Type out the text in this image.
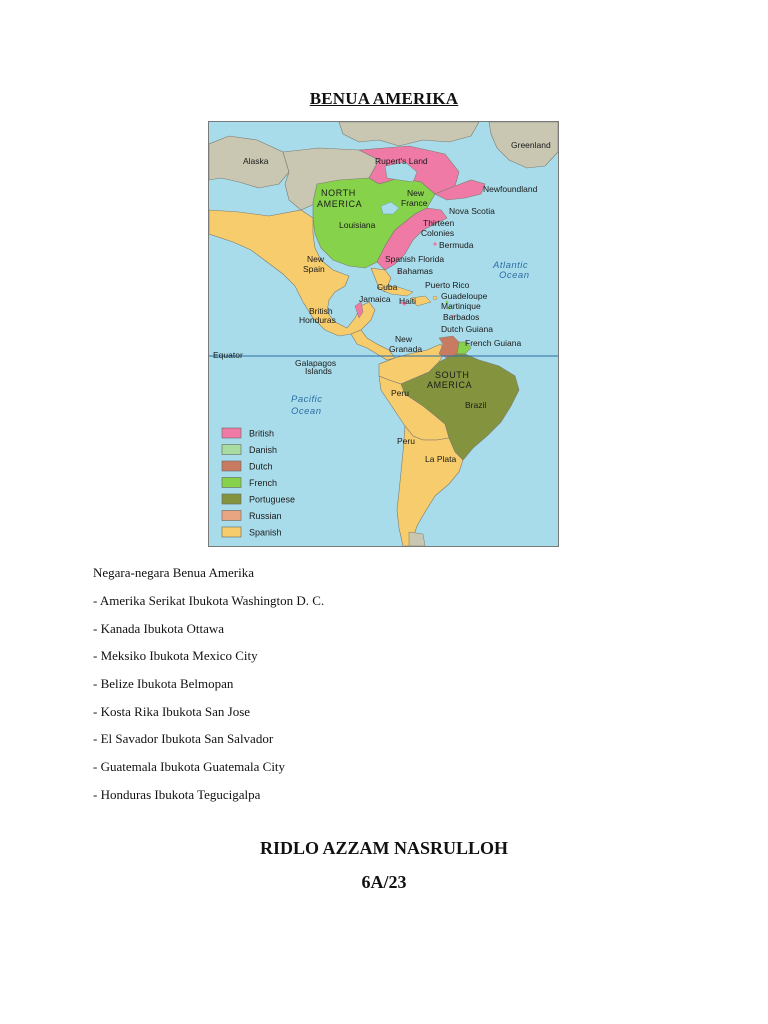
BENUA AMERIKA
Greenland
Alaska	Rupert's Land
NORTH
AMERICA
New
France
Newfoundland
Nova Scotia
Louisiana	Thirteen
Colonies
Bermuda
Spanish Florida
Atlantic
Ocean
New
Spain	Bahamas
Cuba	Puerto Rico
Guadeloupe
Martinique
Barbados
Jamaica Haiti
British
Honduras
Dutch Guiana
French Guiana
New
Granada
Equator
Galapagos
Islands	SOUTH
AMERICA
Peru
Brazil
Pacific
Ocean
Peru
La Plata
British
Danish
Dutch
French
Portuguese
Russian
Spanish
Negara-negara Benua Amerika
- Amerika Serikat Ibukota Washington D. C.
- Kanada Ibukota Ottawa
- Meksiko Ibukota Mexico City
- Belize Ibukota Belmopan
- Kosta Rika Ibukota San Jose
- El Savador Ibukota San Salvador
- Guatemala Ibukota Guatemala City
- Honduras Ibukota Tegucigalpa
RIDLO AZZAM NASRULLOH
6A/23
